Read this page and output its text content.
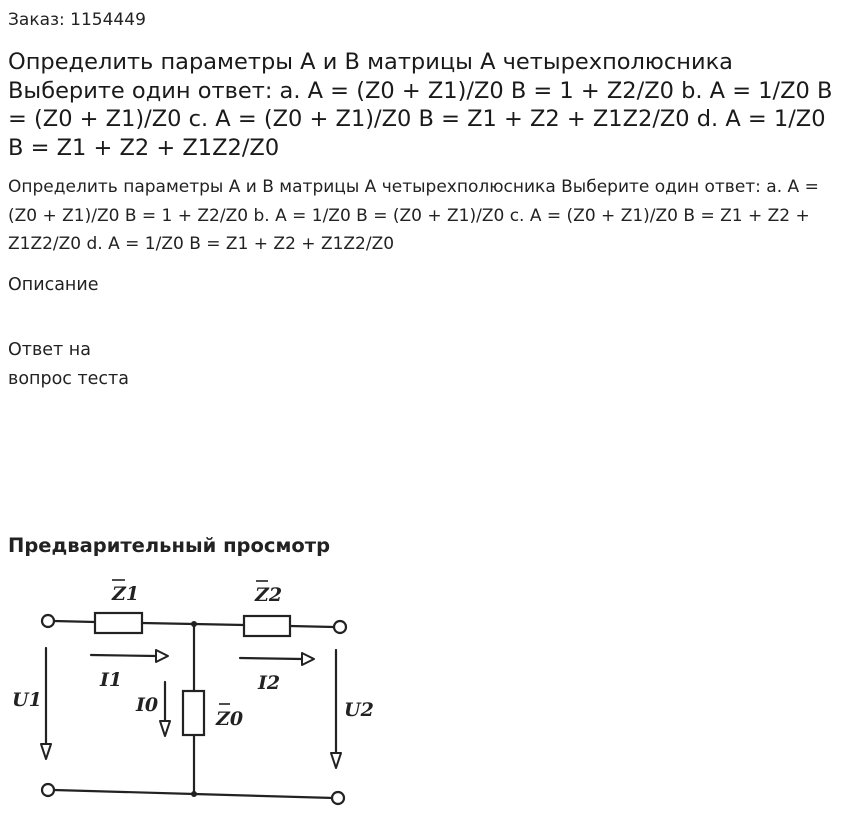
Заказ: 1154449
Определить параметры А и В матрицы А четырехполюсника Выберите один ответ: a. A = (Z0 + Z1)/Z0 B = 1 + Z2/Z0 b. A = 1/Z0 B = (Z0 + Z1)/Z0 c. A = (Z0 + Z1)/Z0 B = Z1 + Z2 + Z1Z2/Z0 d. A = 1/Z0 B = Z1 + Z2 + Z1Z2/Z0
Определить параметры А и В матрицы А четырехполюсника Выберите один ответ: a. A = (Z0 + Z1)/Z0 B = 1 + Z2/Z0 b. A = 1/Z0 B = (Z0 + Z1)/Z0 c. A = (Z0 + Z1)/Z0 B = Z1 + Z2 + Z1Z2/Z0 d. A = 1/Z0 B = Z1 + Z2 + Z1Z2/Z0
Описание
Ответ на вопрос теста
Предварительный просмотр
Z1	Z2
Z0
I1	I2
I0
U1	U2
